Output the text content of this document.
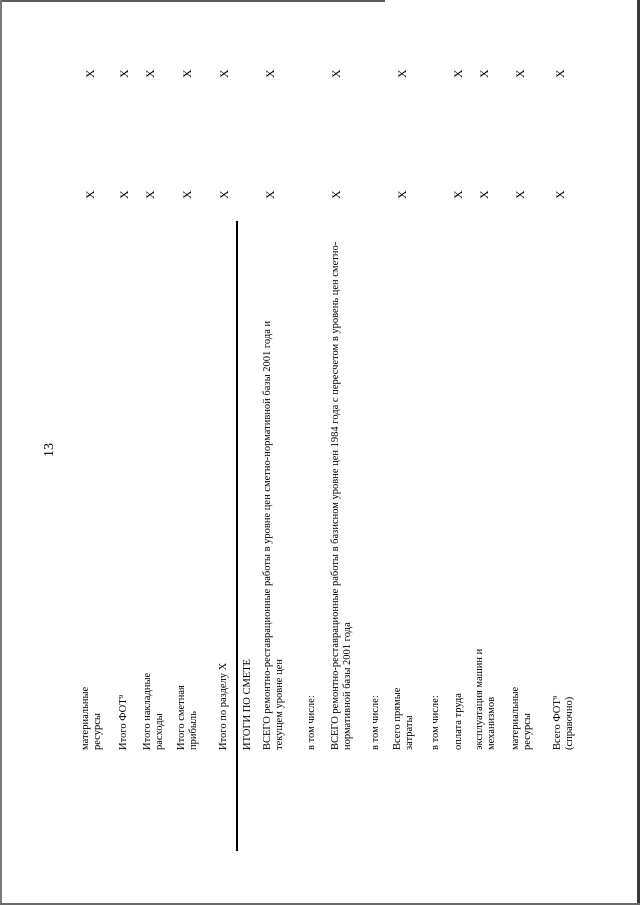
13
материальные ресурсы
X
X
Итого ФОТ⁹
X
X
Итого накладные расходы
X
X
Итого сметная прибыль
X
X
Итого по разделу X
X
X
ИТОГИ ПО СМЕТЕ ВСЕГО ремонтно-реставрационные работы в уровне цен сметно-нормативной базы 2001 года и текущем уровне цен
X
X
в том числе: ВСЕГО ремонтно-реставрационные работы в базисном уровне цен 1984 года с пересчетом в уровень цен сметно-нормативной базы 2001 года
X
X
в том числе: Всего прямые затраты
X
X
в том числе: оплата труда
X
X
эксплуатация машин и механизмов
X
X
материальные ресурсы
X
X
Всего ФОТ⁹ (справочно)
X
X
